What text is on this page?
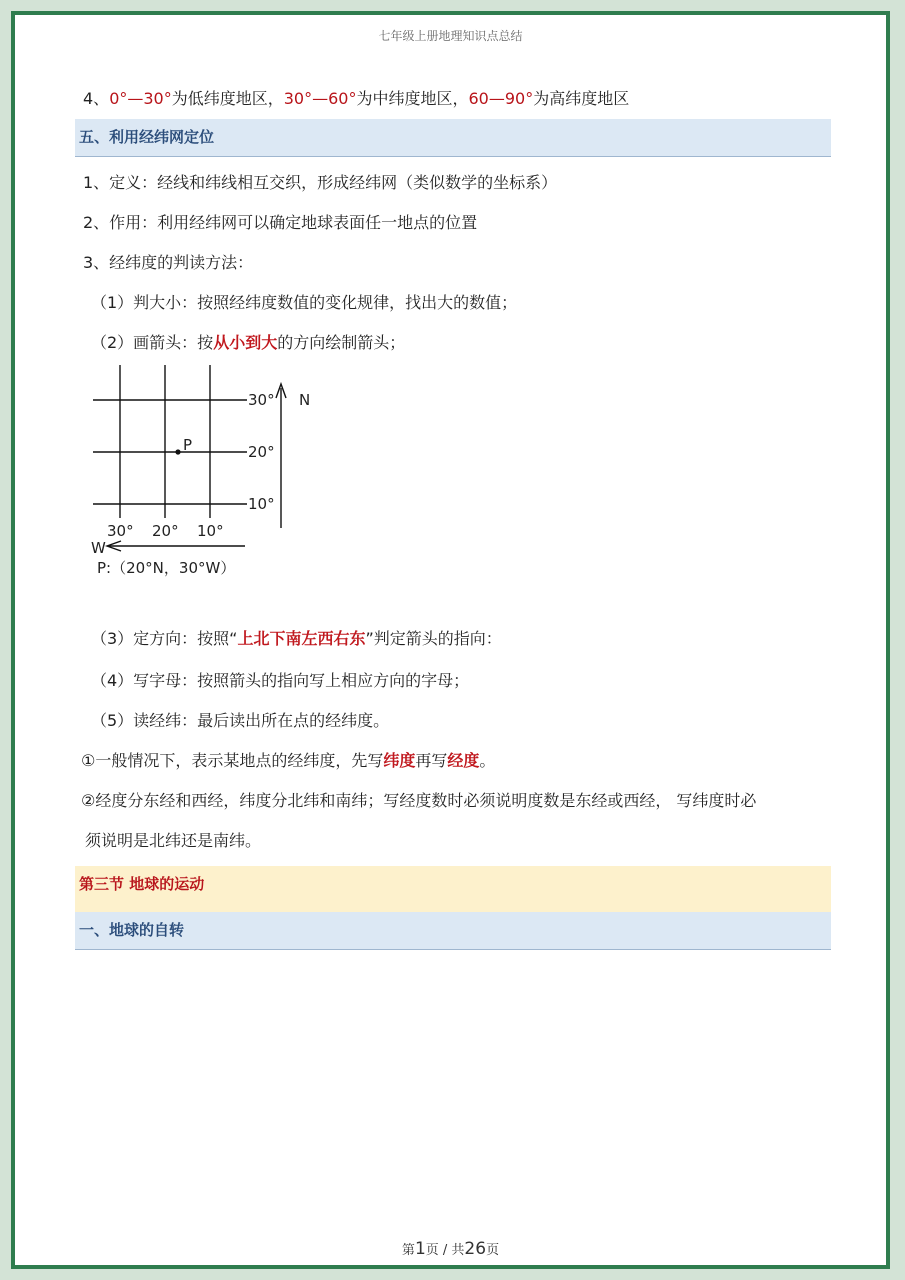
七年级上册地理知识点总结
4、0°—30°为低纬度地区，30°—60°为中纬度地区，60—90°为高纬度地区
五、利用经纬网定位
1、定义：经线和纬线相互交织，形成经纬网（类似数学的坐标系）
2、作用：利用经纬网可以确定地球表面任一地点的位置
3、经纬度的判读方法：
（1）判大小：按照经纬度数值的变化规律，找出大的数值；
（2）画箭头：按从小到大的方向绘制箭头；
P
30°
20°
10°
N
30° 20° 10°
W
P:（20°N，30°W）
（3）定方向：按照“上北下南左西右东”判定箭头的指向：
（4）写字母：按照箭头的指向写上相应方向的字母；
（5）读经纬：最后读出所在点的经纬度。
①一般情况下，表示某地点的经纬度，先写纬度再写经度。
②经度分东经和西经，纬度分北纬和南纬；写经度数时必须说明度数是东经或西经， 写纬度时必
须说明是北纬还是南纬。
第三节 地球的运动
一、地球的自转
第1页 / 共26页
